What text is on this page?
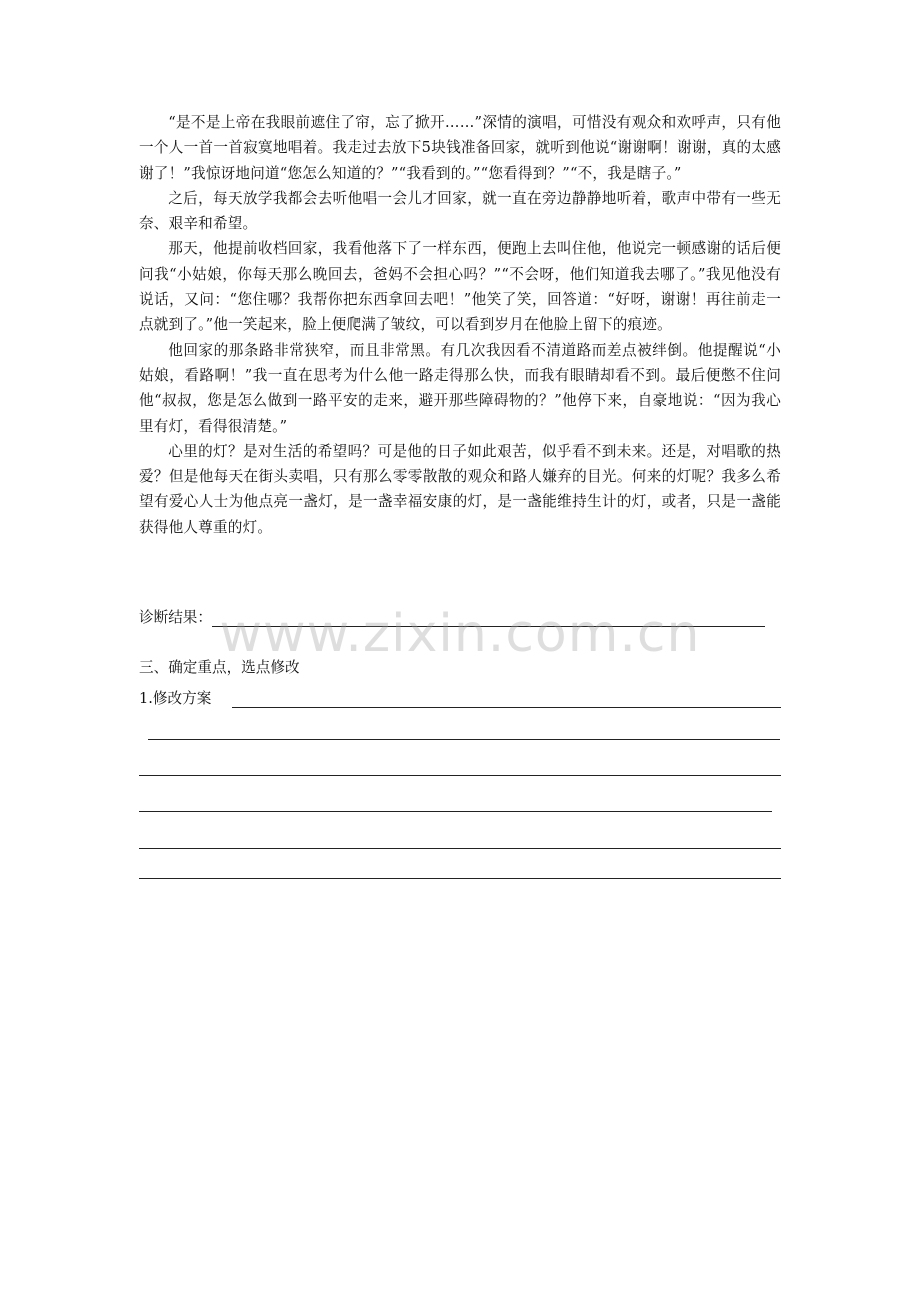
“是不是上帝在我眼前遮住了帘，忘了掀开……”深情的演唱，可惜没有观众和欢呼声，只有他一个人一首一首寂寞地唱着。我走过去放下5块钱准备回家，就听到他说“谢谢啊！谢谢，真的太感谢了！”我惊讶地问道“您怎么知道的？”“我看到的。”“您看得到？”“不，我是瞎子。”

之后，每天放学我都会去听他唱一会儿才回家，就一直在旁边静静地听着，歌声中带有一些无奈、艰辛和希望。

那天，他提前收档回家，我看他落下了一样东西，便跑上去叫住他，他说完一顿感谢的话后便问我“小姑娘，你每天那么晚回去，爸妈不会担心吗？”“不会呀，他们知道我去哪了。”我见他没有说话，又问：“您住哪？我帮你把东西拿回去吧！”他笑了笑，回答道：“好呀，谢谢！再往前走一点就到了。”他一笑起来，脸上便爬满了皱纹，可以看到岁月在他脸上留下的痕迹。

他回家的那条路非常狭窄，而且非常黑。有几次我因看不清道路而差点被绊倒。他提醒说“小姑娘，看路啊！”我一直在思考为什么他一路走得那么快，而我有眼睛却看不到。最后便憋不住问他“叔叔，您是怎么做到一路平安的走来，避开那些障碍物的？”他停下来，自豪地说：“因为我心里有灯，看得很清楚。”

心里的灯？是对生活的希望吗？可是他的日子如此艰苦，似乎看不到未来。还是，对唱歌的热爱？但是他每天在街头卖唱，只有那么零零散散的观众和路人嫌弃的目光。何来的灯呢？我多么希望有爱心人士为他点亮一盏灯，是一盏幸福安康的灯，是一盏能维持生计的灯，或者，只是一盏能获得他人尊重的灯。

诊断结果： www.zixin.com.cn
三、确定重点，选点修改
1.修改方案
